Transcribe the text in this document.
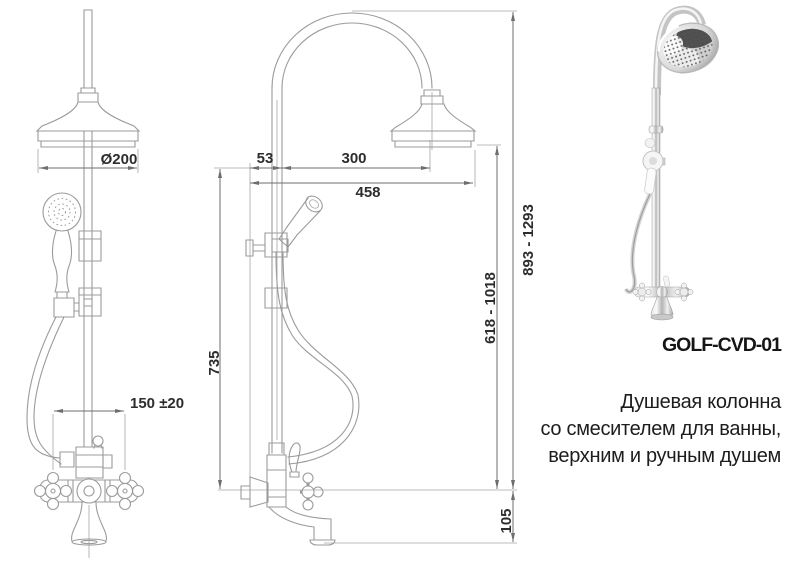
Ø200
150 ±20
53	300
458
735
618 - 1018
893 - 1293
105
GOLF-CVD-01
Душевая колонна
со смесителем для ванны,
верхним и ручным душем
